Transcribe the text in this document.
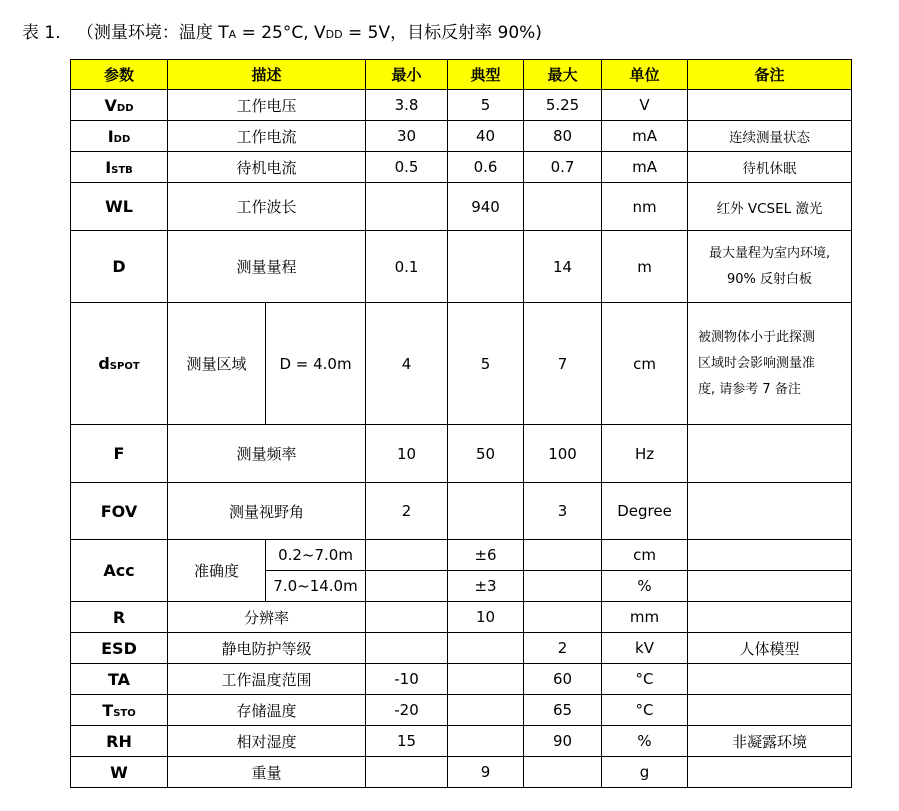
表 1. （测量环境：温度 TA = 25°C, VDD = 5V，目标反射率 90%)
参数	描述		最小	典型	最大	单位	备注
VDD	工作电压		3.8	5	5.25	V	
IDD	工作电流		30	40	80	mA	连续测量状态
ISTB	待机电流		0.5	0.6	0.7	mA	待机休眠
WL	工作波长			940		nm	红外 VCSEL 激光
D	测量量程		0.1		14	m	最大量程为室内环境,
90% 反射白板

dSPOT	测量区域	D = 4.0m	4	5	7	cm	被测物体小于此探测
区域时会影响测量准
度, 请参考 7 备注

F	测量频率		10	50	100	Hz	
FOV	测量视野角		2		3	Degree	
Acc	准确度	0.2~7.0m		±6		cm	
		7.0~14.0m		±3		%	
R	分辨率			10		mm	
ESD	静电防护等级				2	kV	人体模型
TA	工作温度范围		-10		60	°C	
TSTO	存储温度		-20		65	°C	
RH	相对湿度		15		90	%	非凝露环境
W	重量			9		g	
